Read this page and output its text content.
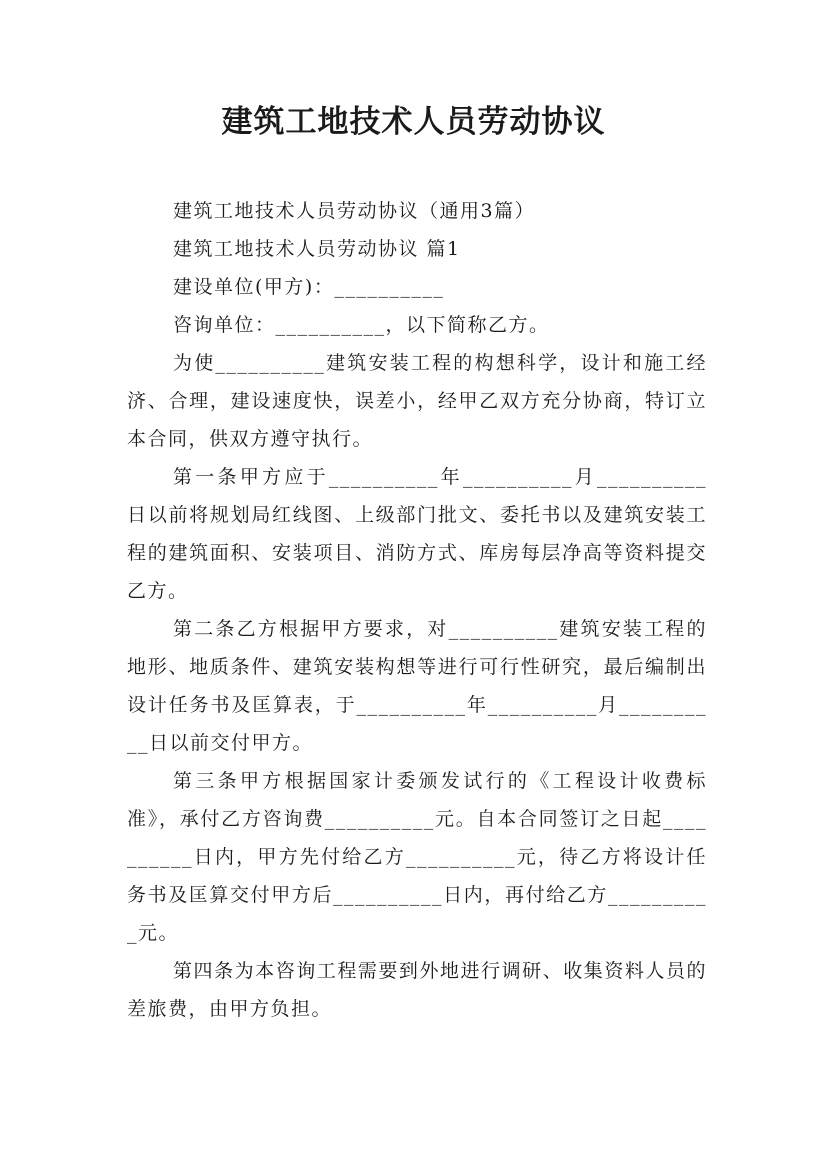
建筑工地技术人员劳动协议

建筑工地技术人员劳动协议（通用3篇）

建筑工地技术人员劳动协议 篇1

建设单位(甲方)：__________

咨询单位：__________，以下简称乙方。

为使__________建筑安装工程的构想科学，设计和施工经济、合理，建设速度快，误差小，经甲乙双方充分协商，特订立本合同，供双方遵守执行。

第一条甲方应于__________年__________月__________日以前将规划局红线图、上级部门批文、委托书以及建筑安装工程的建筑面积、安装项目、消防方式、库房每层净高等资料提交乙方。

第二条乙方根据甲方要求，对__________建筑安装工程的地形、地质条件、建筑安装构想等进行可行性研究，最后编制出设计任务书及匡算表，于__________年__________月__________日以前交付甲方。

第三条甲方根据国家计委颁发试行的《工程设计收费标准》，承付乙方咨询费__________元。自本合同签订之日起__________日内，甲方先付给乙方__________元，待乙方将设计任务书及匡算交付甲方后__________日内，再付给乙方__________元。

第四条为本咨询工程需要到外地进行调研、收集资料人员的差旅费，由甲方负担。
